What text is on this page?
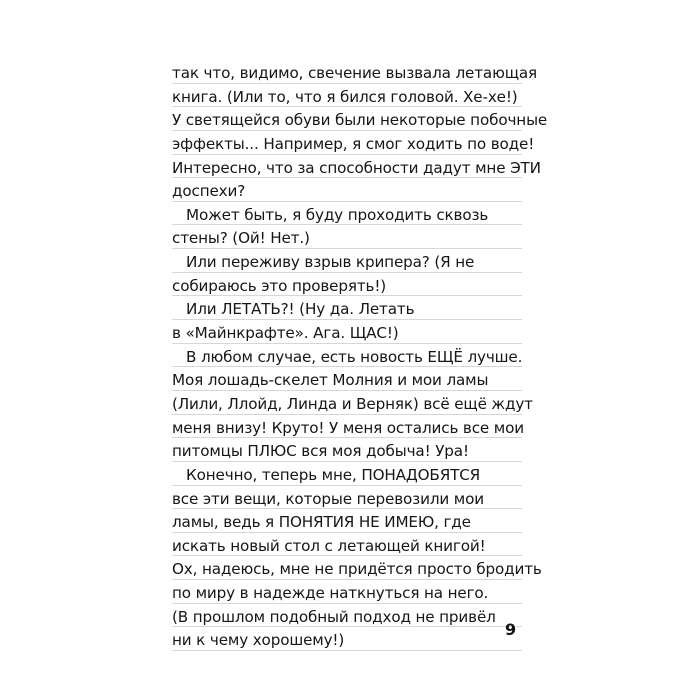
так что, видимо, свечение вызвала летающая
книга. (Или то, что я бился головой. Хе-хе!)
У светящейся обуви были некоторые побочные
эффекты... Например, я смог ходить по воде!
Интересно, что за способности дадут мне ЭТИ
доспехи?
Может быть, я буду проходить сквозь
стены? (Ой! Нет.)
Или переживу взрыв крипера? (Я не
собираюсь это проверять!)
Или ЛЕТАТЬ?! (Ну да. Летать
в «Майнкрафте». Ага. ЩАС!)
В любом случае, есть новость ЕЩЁ лучше.
Моя лошадь-скелет Молния и мои ламы
(Лили, Ллойд, Линда и Верняк) всё ещё ждут
меня внизу! Круто! У меня остались все мои
питомцы ПЛЮС вся моя добыча! Ура!
Конечно, теперь мне, ПОНАДОБЯТСЯ
все эти вещи, которые перевозили мои
ламы, ведь я ПОНЯТИЯ НЕ ИМЕЮ, где
искать новый стол с летающей книгой!
Ох, надеюсь, мне не придётся просто бродить
по миру в надежде наткнуться на него.
(В прошлом подобный подход не привёл
ни к чему хорошему!)
9
